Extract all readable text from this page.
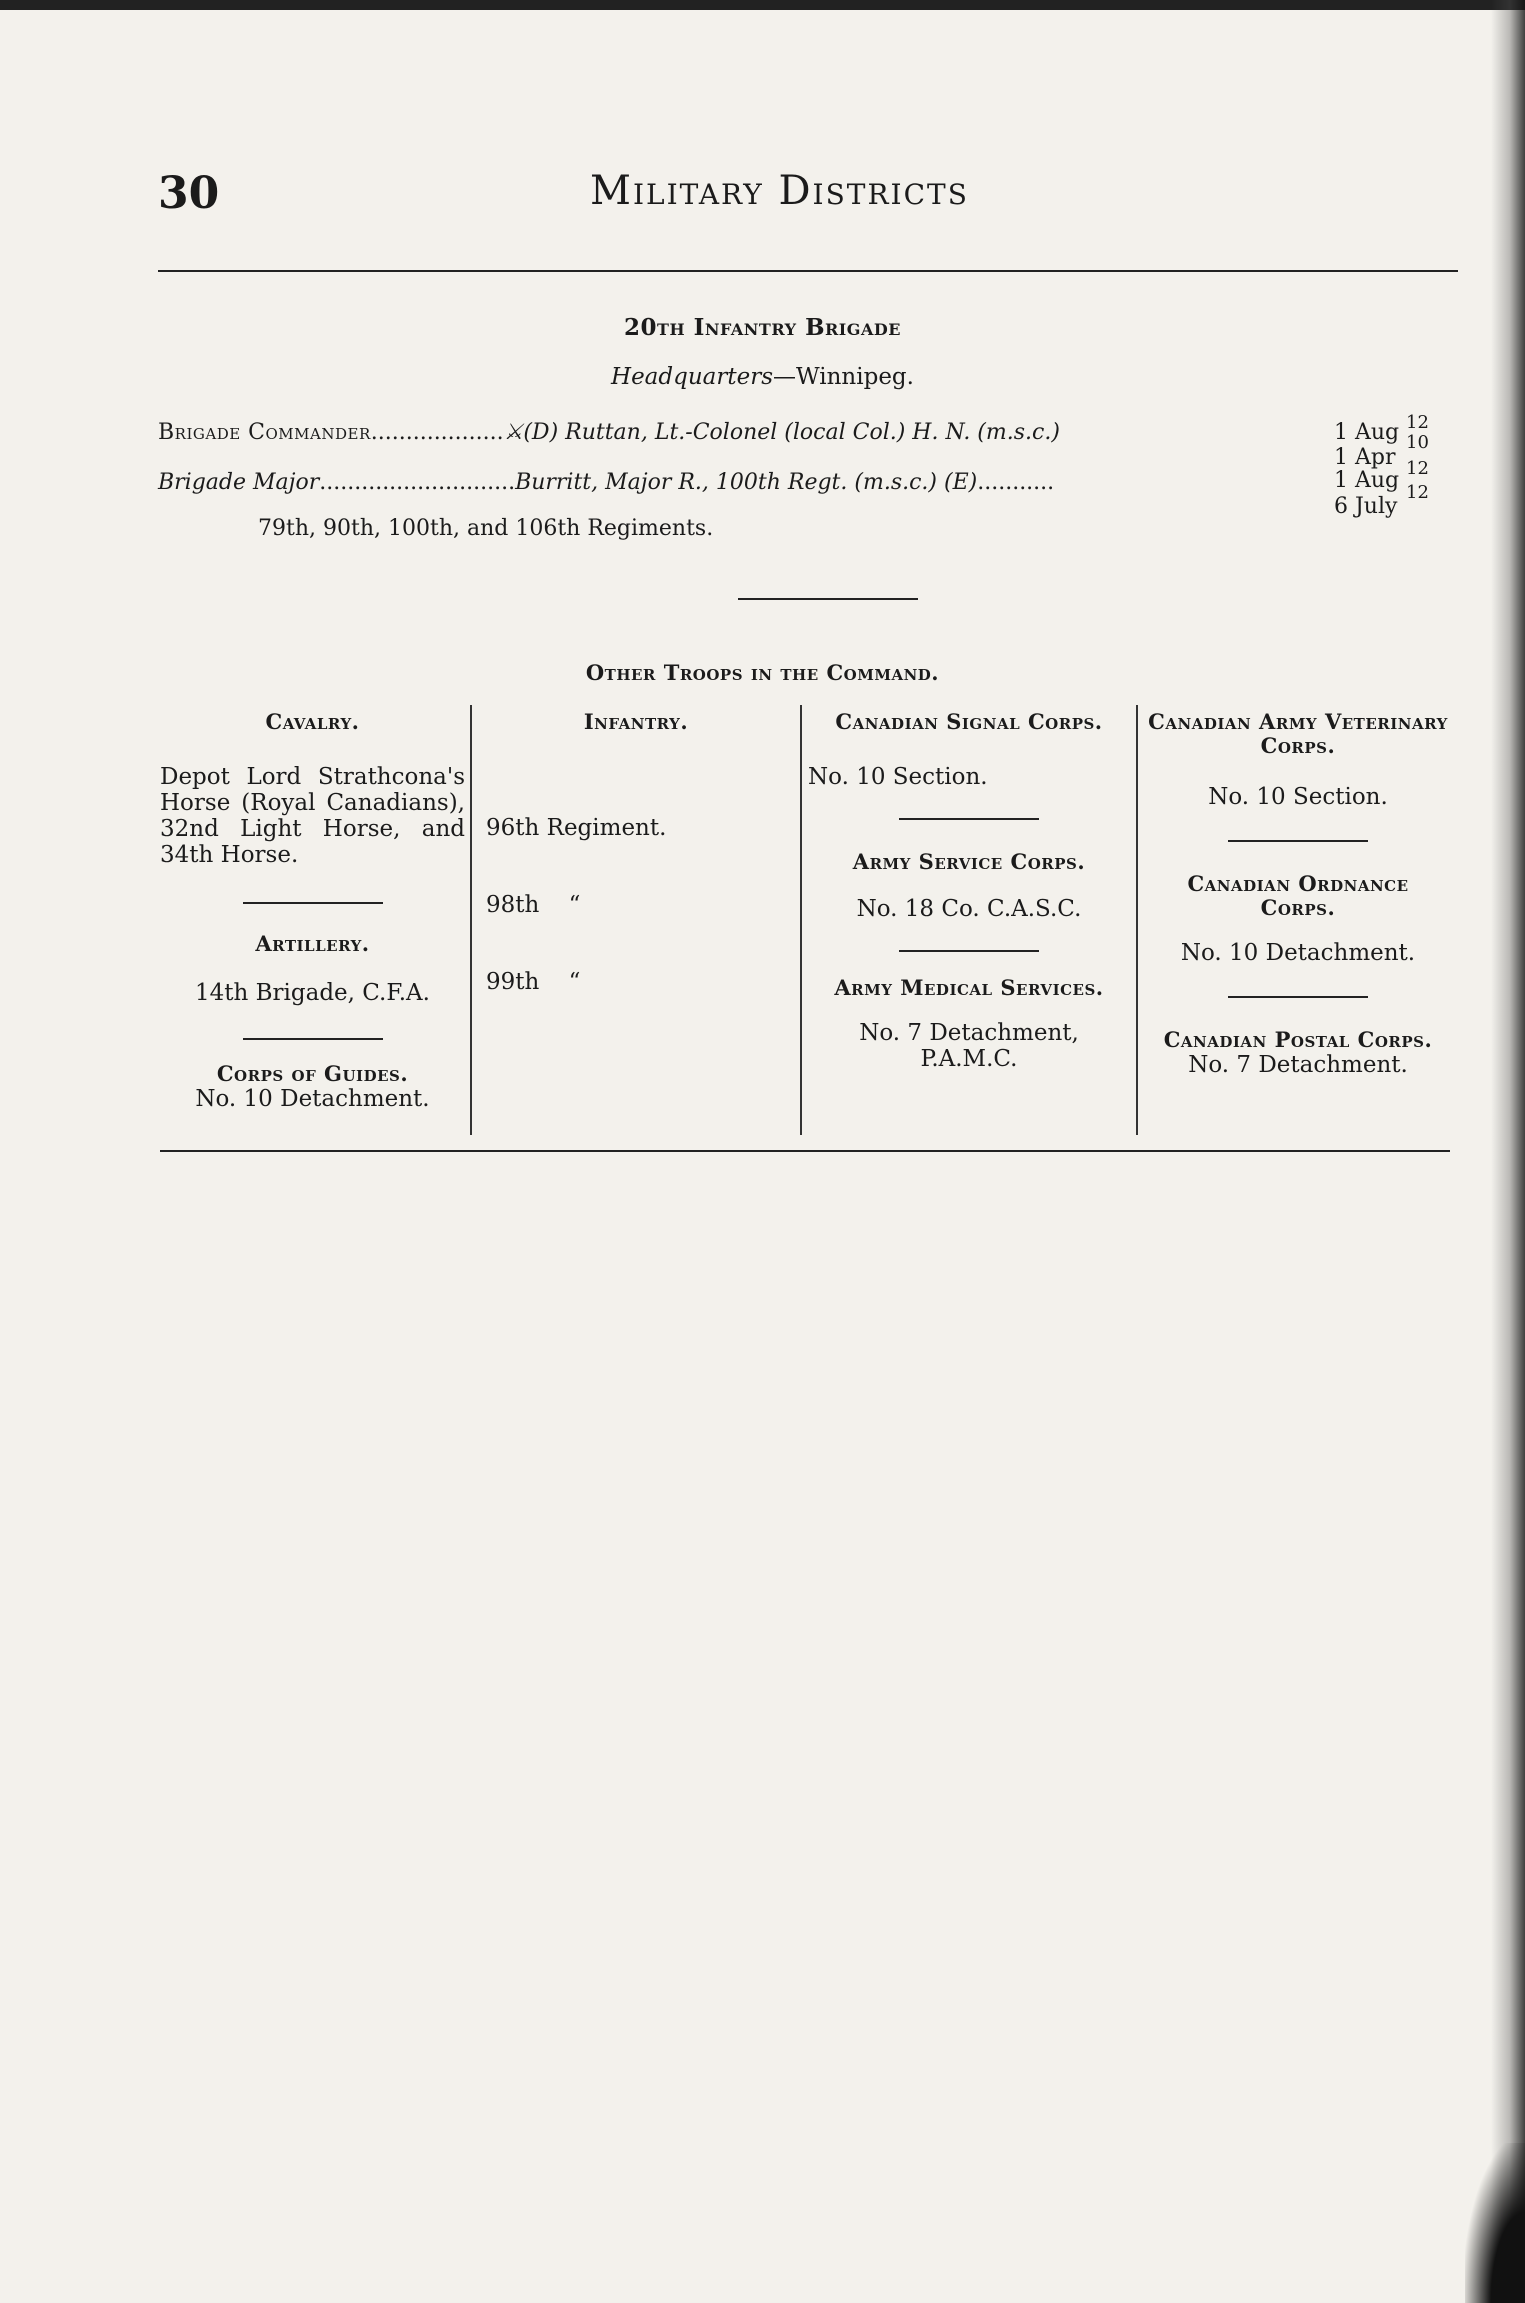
30	Military Districts
20th Infantry Brigade
Headquarters—Winnipeg.
Brigade Commander...................⚔(D) Ruttan, Lt.-Colonel (local Col.) H. N. (m.s.c.)
Brigade Major............................Burritt, Major R., 100th Regt. (m.s.c.) (E)...........
1 Aug 12
1 Apr
10
1 Aug 12
6 July
12
79th, 90th, 100th, and 106th Regiments.
Other Troops in the Command.
Cavalry.
Depot Lord Strathcona's Horse (Royal Canadians), 32nd Light Horse, and 34th Horse.
Artillery.
14th Brigade, C.F.A.
Corps of Guides.
No. 10 Detachment.
Infantry.

96th Regiment.

98th    “

99th    “

Canadian Signal Corps.
No. 10 Section.
Army Service Corps.
No. 18 Co. C.A.S.C.
Army Medical Services.
No. 7 Detachment, P.A.M.C.
Canadian Army Veterinary Corps.
No. 10 Section.
Canadian Ordnance Corps.
No. 10 Detachment.
Canadian Postal Corps.
No. 7 Detachment.
